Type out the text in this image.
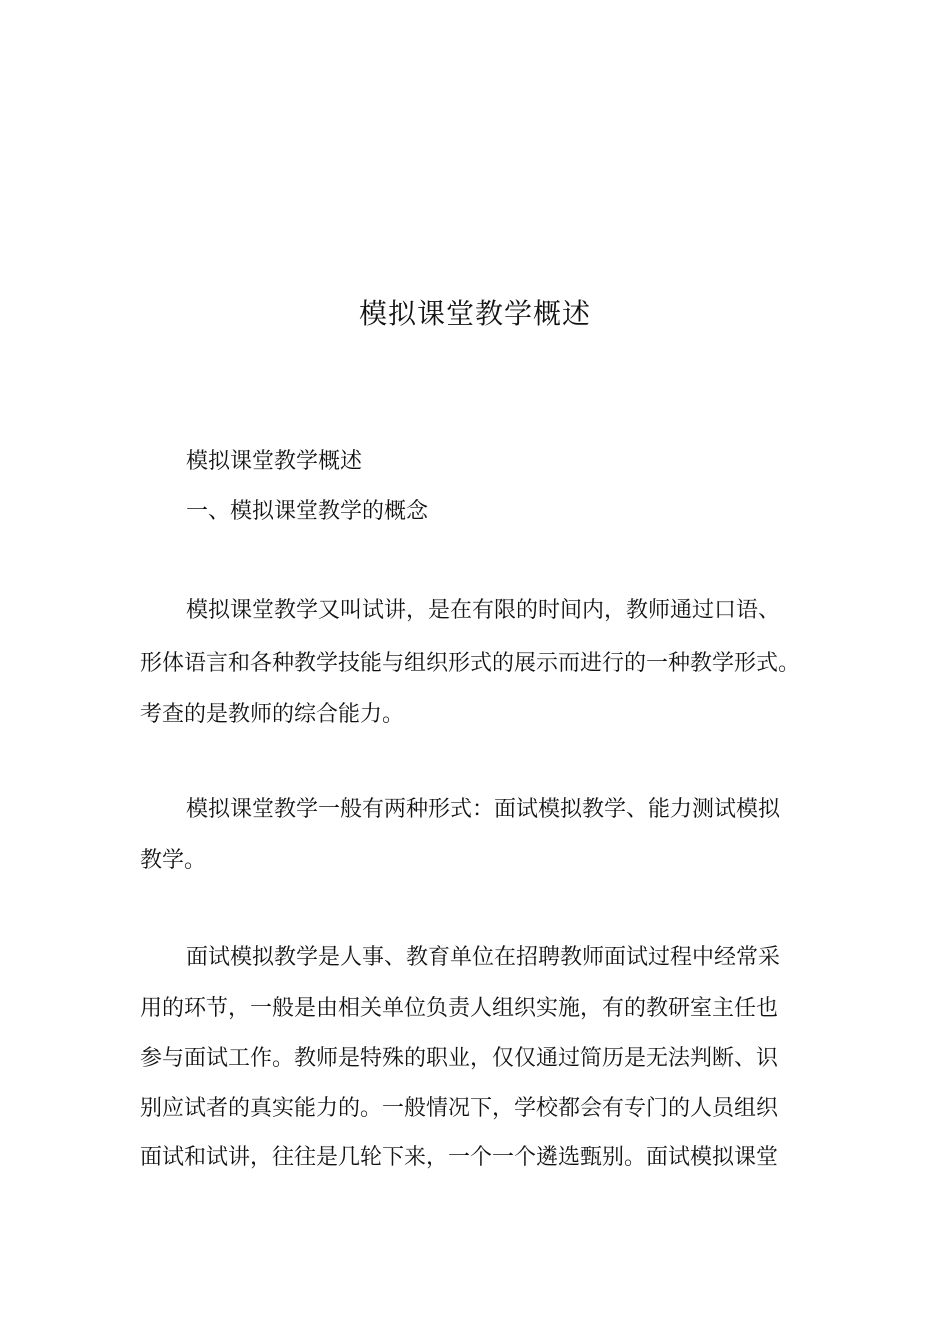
模拟课堂教学概述

模拟课堂教学概述

一、模拟课堂教学的概念

模拟课堂教学又叫试讲，是在有限的时间内，教师通过口语、

形体语言和各种教学技能与组织形式的展示而进行的一种教学形式。

考查的是教师的综合能力。

模拟课堂教学一般有两种形式：面试模拟教学、能力测试模拟

教学。

面试模拟教学是人事、教育单位在招聘教师面试过程中经常采

用的环节，一般是由相关单位负责人组织实施，有的教研室主任也

参与面试工作。教师是特殊的职业，仅仅通过简历是无法判断、识

别应试者的真实能力的。一般情况下，学校都会有专门的人员组织

面试和试讲，往往是几轮下来，一个一个遴选甄别。面试模拟课堂
